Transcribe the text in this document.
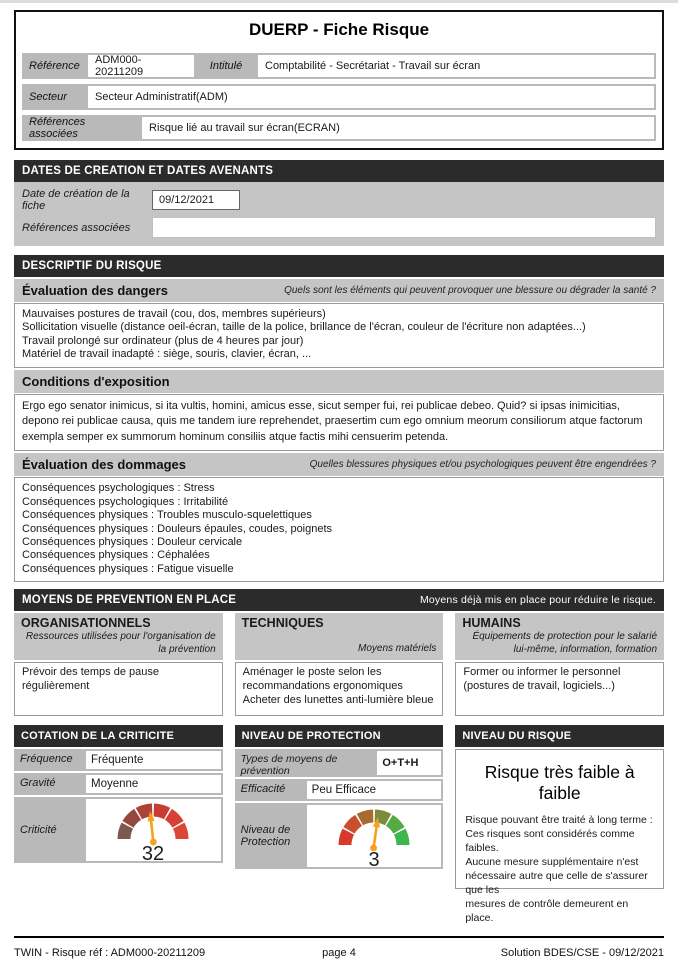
DUERP - Fiche Risque
Référence	ADM000-20211209	Intitulé	Comptabilité - Secrétariat - Travail sur écran
Secteur	Secteur Administratif(ADM)
Références associées	Risque lié au travail sur écran(ECRAN)
DATES DE CREATION ET DATES AVENANTS
Date de création de la fiche	09/12/2021
Références associées
DESCRIPTIF DU RISQUE
Évaluation des dangers	Quels sont les éléments qui peuvent provoquer une blessure ou dégrader la santé ?
Mauvaises postures de travail (cou, dos, membres supérieurs)
Sollicitation visuelle (distance oeil-écran, taille de la police, brillance de l'écran, couleur de l'écriture non adaptées...)
Travail prolongé sur ordinateur (plus de 4 heures par jour)
Matériel de travail inadapté : siège, souris, clavier, écran, ...
Conditions d'exposition
Ergo ego senator inimicus, si ita vultis, homini, amicus esse, sicut semper fui, rei publicae debeo. Quid? si ipsas inimicitias, depono rei publicae causa, quis me tandem iure reprehendet, praesertim cum ego omnium meorum consiliorum atque factorum exempla semper ex summorum hominum consiliis atque factis mihi censuerim petenda.
Évaluation des dommages	Quelles blessures physiques et/ou psychologiques peuvent être engendrées ?
Conséquences psychologiques : Stress
Conséquences psychologiques : Irritabilité
Conséquences physiques : Troubles musculo-squelettiques
Conséquences physiques : Douleurs épaules, coudes, poignets
Conséquences physiques : Douleur cervicale
Conséquences physiques : Céphalées
Conséquences physiques : Fatigue visuelle
MOYENS DE PREVENTION EN PLACE	Moyens déjà mis en place pour réduire le risque.
ORGANISATIONNELS
Ressources utilisées pour l'organisation de la prévention
Prévoir des temps de pause régulièrement
TECHNIQUES
Moyens matériels
Aménager le poste selon les recommandations ergonomiques Acheter des lunettes anti-lumière bleue
HUMAINS
Équipements de protection pour le salarié lui-même, information, formation
Former ou informer le personnel (postures de travail, logiciels...)
COTATION DE LA CRITICITE
Fréquence	Fréquente
Gravité	Moyenne
Criticité
32
NIVEAU DE PROTECTION
Types de moyens de prévention
O+T+H
Efficacité	Peu Efficace
Niveau de Protection
3
NIVEAU DU RISQUE
Risque très faible à faible
Risque pouvant être traité à long terme :
Ces risques sont considérés comme faibles.
Aucune mesure supplémentaire n'est
nécessaire autre que celle de s'assurer que les
mesures de contrôle demeurent en place.
TWIN - Risque réf : ADM000-20211209	page 4	Solution BDES/CSE - 09/12/2021
